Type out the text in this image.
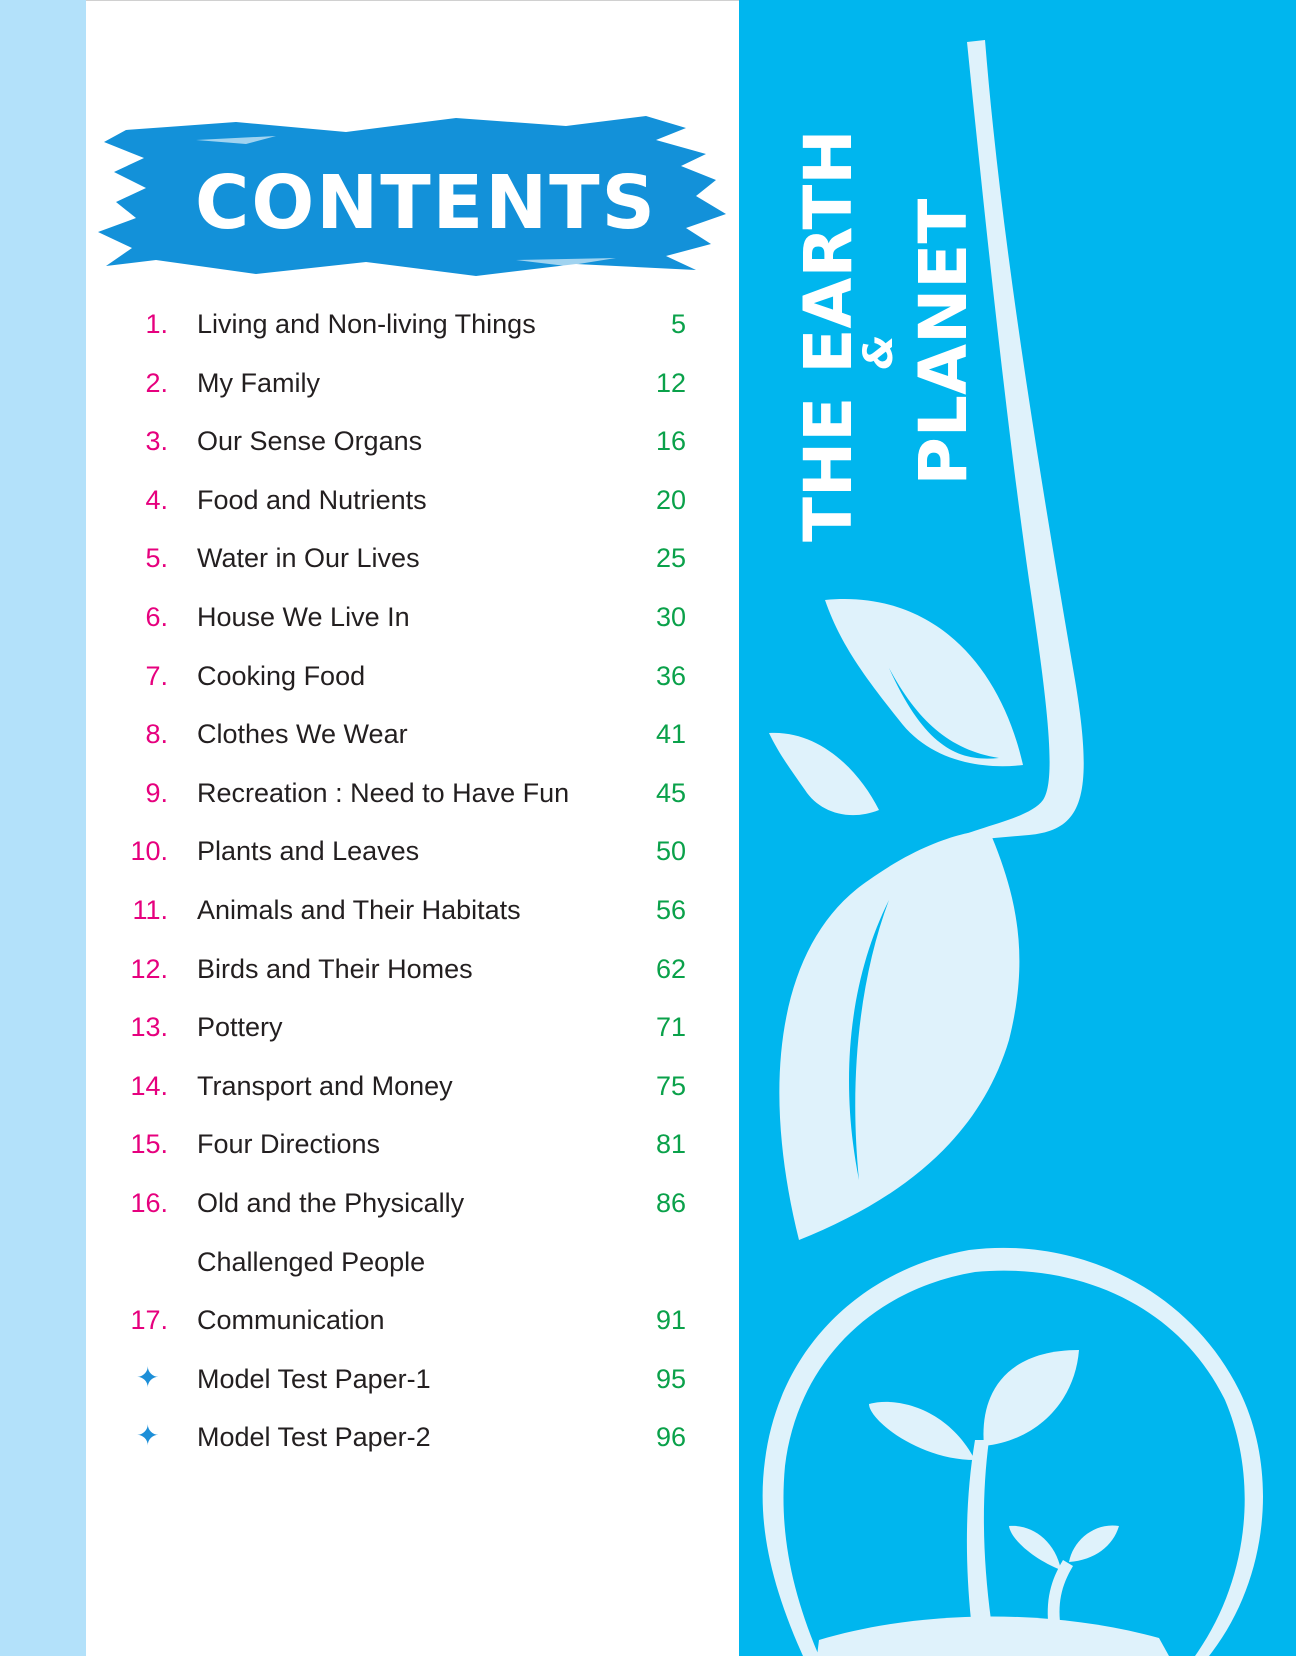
CONTENTS
1. Living and Non-living Things	5
2. My Family	12
3. Our Sense Organs	16
4. Food and Nutrients	20
5. Water in Our Lives	25
6. House We Live In	30
7. Cooking Food	36
8. Clothes We Wear	41
9. Recreation : Need to Have Fun	45
10. Plants and Leaves	50
11. Animals and Their Habitats	56
12. Birds and Their Homes	62
13. Pottery	71
14. Transport and Money	75
15. Four Directions	81
16. Old and the Physically	86
Challenged People
17. Communication	91
✦ Model Test Paper-1	95
✦ Model Test Paper-2	96
THE EARTH
& PLANET
